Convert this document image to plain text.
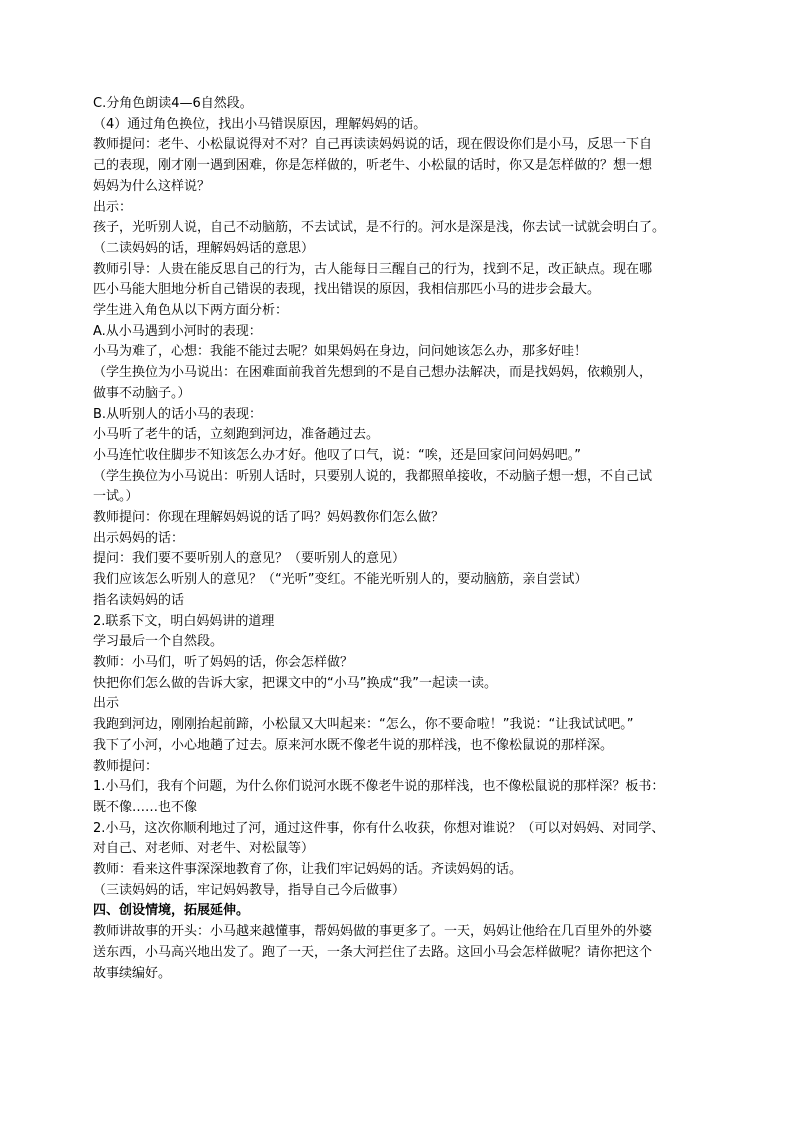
C.分角色朗读4—6自然段。
（4）通过角色换位，找出小马错误原因，理解妈妈的话。
教师提问：老牛、小松鼠说得对不对？自己再读读妈妈说的话，现在假设你们是小马，反思一下自
己的表现，刚才刚一遇到困难，你是怎样做的，听老牛、小松鼠的话时，你又是怎样做的？想一想
妈妈为什么这样说？
出示：
孩子，光听别人说，自己不动脑筋，不去试试，是不行的。河水是深是浅，你去试一试就会明白了。
（二读妈妈的话，理解妈妈话的意思）
教师引导：人贵在能反思自己的行为，古人能每日三醒自己的行为，找到不足，改正缺点。现在哪
匹小马能大胆地分析自己错误的表现，找出错误的原因，我相信那匹小马的进步会最大。
学生进入角色从以下两方面分析：
A.从小马遇到小河时的表现：
小马为难了，心想：我能不能过去呢？如果妈妈在身边，问问她该怎么办，那多好哇！
（学生换位为小马说出：在困难面前我首先想到的不是自己想办法解决，而是找妈妈，依赖别人，
做事不动脑子。）
B.从听别人的话小马的表现：
小马听了老牛的话，立刻跑到河边，准备趟过去。
小马连忙收住脚步不知该怎么办才好。他叹了口气，说：“唉，还是回家问问妈妈吧。”
（学生换位为小马说出：听别人话时，只要别人说的，我都照单接收，不动脑子想一想，不自己试
一试。）
教师提问：你现在理解妈妈说的话了吗？妈妈教你们怎么做？
出示妈妈的话：
提问：我们要不要听别人的意见？（要听别人的意见）
我们应该怎么听别人的意见？（“光听”变红。不能光听别人的，要动脑筋，亲自尝试）
指名读妈妈的话
2.联系下文，明白妈妈讲的道理
学习最后一个自然段。
教师：小马们，听了妈妈的话，你会怎样做？
快把你们怎么做的告诉大家，把课文中的“小马”换成“我”一起读一读。
出示
我跑到河边，刚刚抬起前蹄，小松鼠又大叫起来：“怎么，你不要命啦！”我说：“让我试试吧。”
我下了小河，小心地趟了过去。原来河水既不像老牛说的那样浅，也不像松鼠说的那样深。
教师提问：
1.小马们，我有个问题，为什么你们说河水既不像老牛说的那样浅，也不像松鼠说的那样深？板书：
既不像……也不像
2.小马，这次你顺利地过了河，通过这件事，你有什么收获，你想对谁说？（可以对妈妈、对同学、
对自己、对老师、对老牛、对松鼠等）
教师：看来这件事深深地教育了你，让我们牢记妈妈的话。齐读妈妈的话。
（三读妈妈的话，牢记妈妈教导，指导自己今后做事）
四、创设情境，拓展延伸。
教师讲故事的开头：小马越来越懂事，帮妈妈做的事更多了。一天，妈妈让他给在几百里外的外婆
送东西，小马高兴地出发了。跑了一天，一条大河拦住了去路。这回小马会怎样做呢？请你把这个
故事续编好。
